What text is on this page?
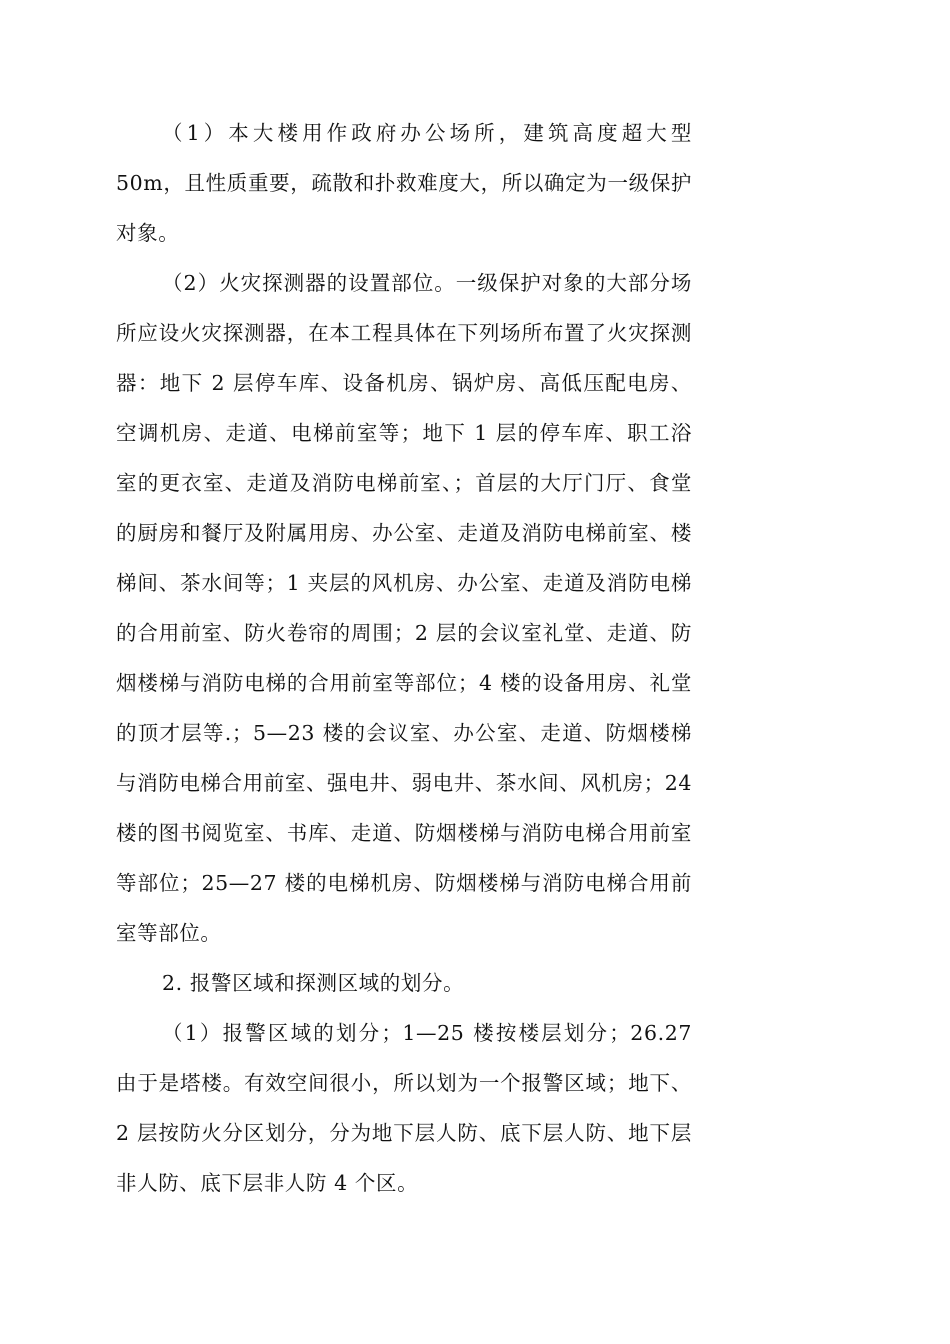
（1）本大楼用作政府办公场所，建筑高度超大型 50m，且性质重要，疏散和扑救难度大，所以确定为一级保护对象。

（2）火灾探测器的设置部位。一级保护对象的大部分场所应设火灾探测器，在本工程具体在下列场所布置了火灾探测器：地下 2 层停车库、设备机房、锅炉房、高低压配电房、空调机房、走道、电梯前室等；地下 1 层的停车库、职工浴室的更衣室、走道及消防电梯前室、；首层的大厅门厅、食堂的厨房和餐厅及附属用房、办公室、走道及消防电梯前室、楼梯间、茶水间等；1 夹层的风机房、办公室、走道及消防电梯的合用前室、防火卷帘的周围；2 层的会议室礼堂、走道、防烟楼梯与消防电梯的合用前室等部位；4 楼的设备用房、礼堂的顶才层等.；5—23 楼的会议室、办公室、走道、防烟楼梯与消防电梯合用前室、强电井、弱电井、茶水间、风机房；24 楼的图书阅览室、书库、走道、防烟楼梯与消防电梯合用前室等部位；25—27 楼的电梯机房、防烟楼梯与消防电梯合用前室等部位。

2. 报警区域和探测区域的划分。

（1）报警区域的划分；1—25 楼按楼层划分；26.27 由于是塔楼。有效空间很小，所以划为一个报警区域；地下、2 层按防火分区划分，分为地下层人防、底下层人防、地下层非人防、底下层非人防 4 个区。
